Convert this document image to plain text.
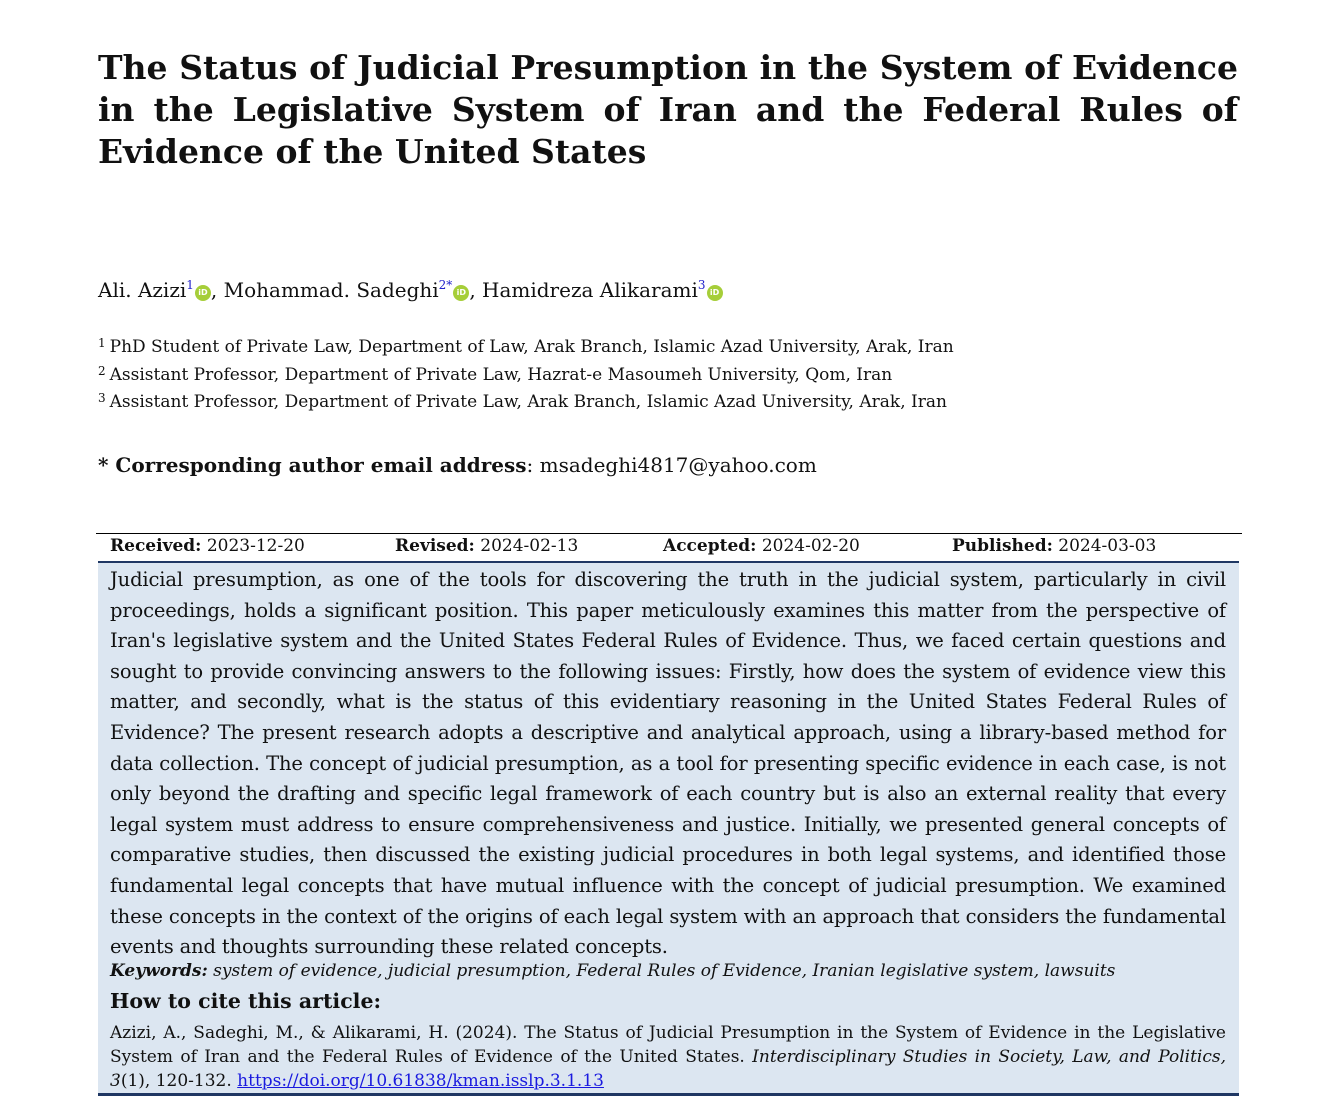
The Status of Judicial Presumption in the System of Evidence in the Legislative System of Iran and the Federal Rules of Evidence of the United States
Ali. Azizi$^1$iD , Mohammad. Sadeghi$^{2*}$iD , Hamidreza Alikarami$^3$iD
$^1$ PhD Student of Private Law, Department of Law, Arak Branch, Islamic Azad University, Arak, Iran
$^2$ Assistant Professor, Department of Private Law, Hazrat-e Masoumeh University, Qom, Iran
$^3$ Assistant Professor, Department of Private Law, Arak Branch, Islamic Azad University, Arak, Iran
* Corresponding author email address: msadeghi4817@yahoo.com
Received: 2023-12-20	Revised: 2024-02-13	Accepted: 2024-02-20	Published: 2024-03-03

Judicial presumption, as one of the tools for discovering the truth in the judicial system, particularly in civil proceedings, holds a significant position. This paper meticulously examines this matter from the perspective of Iran's legislative system and the United States Federal Rules of Evidence. Thus, we faced certain questions and sought to provide convincing answers to the following issues: Firstly, how does the system of evidence view this matter, and secondly, what is the status of this evidentiary reasoning in the United States Federal Rules of Evidence? The present research adopts a descriptive and analytical approach, using a library-based method for data collection. The concept of judicial presumption, as a tool for presenting specific evidence in each case, is not only beyond the drafting and specific legal framework of each country but is also an external reality that every legal system must address to ensure comprehensiveness and justice. Initially, we presented general concepts of comparative studies, then discussed the existing judicial procedures in both legal systems, and identified those fundamental legal concepts that have mutual influence with the concept of judicial presumption. We examined these concepts in the context of the origins of each legal system with an approach that considers the fundamental events and thoughts surrounding these related concepts.

Keywords: system of evidence, judicial presumption, Federal Rules of Evidence, Iranian legislative system, lawsuits
How to cite this article:

Azizi, A., Sadeghi, M., & Alikarami, H. (2024). The Status of Judicial Presumption in the System of Evidence in the Legislative System of Iran and the Federal Rules of Evidence of the United States. Interdisciplinary Studies in Society, Law, and Politics, 3(1), 120-132. https://doi.org/10.61838/kman.isslp.3.1.13
